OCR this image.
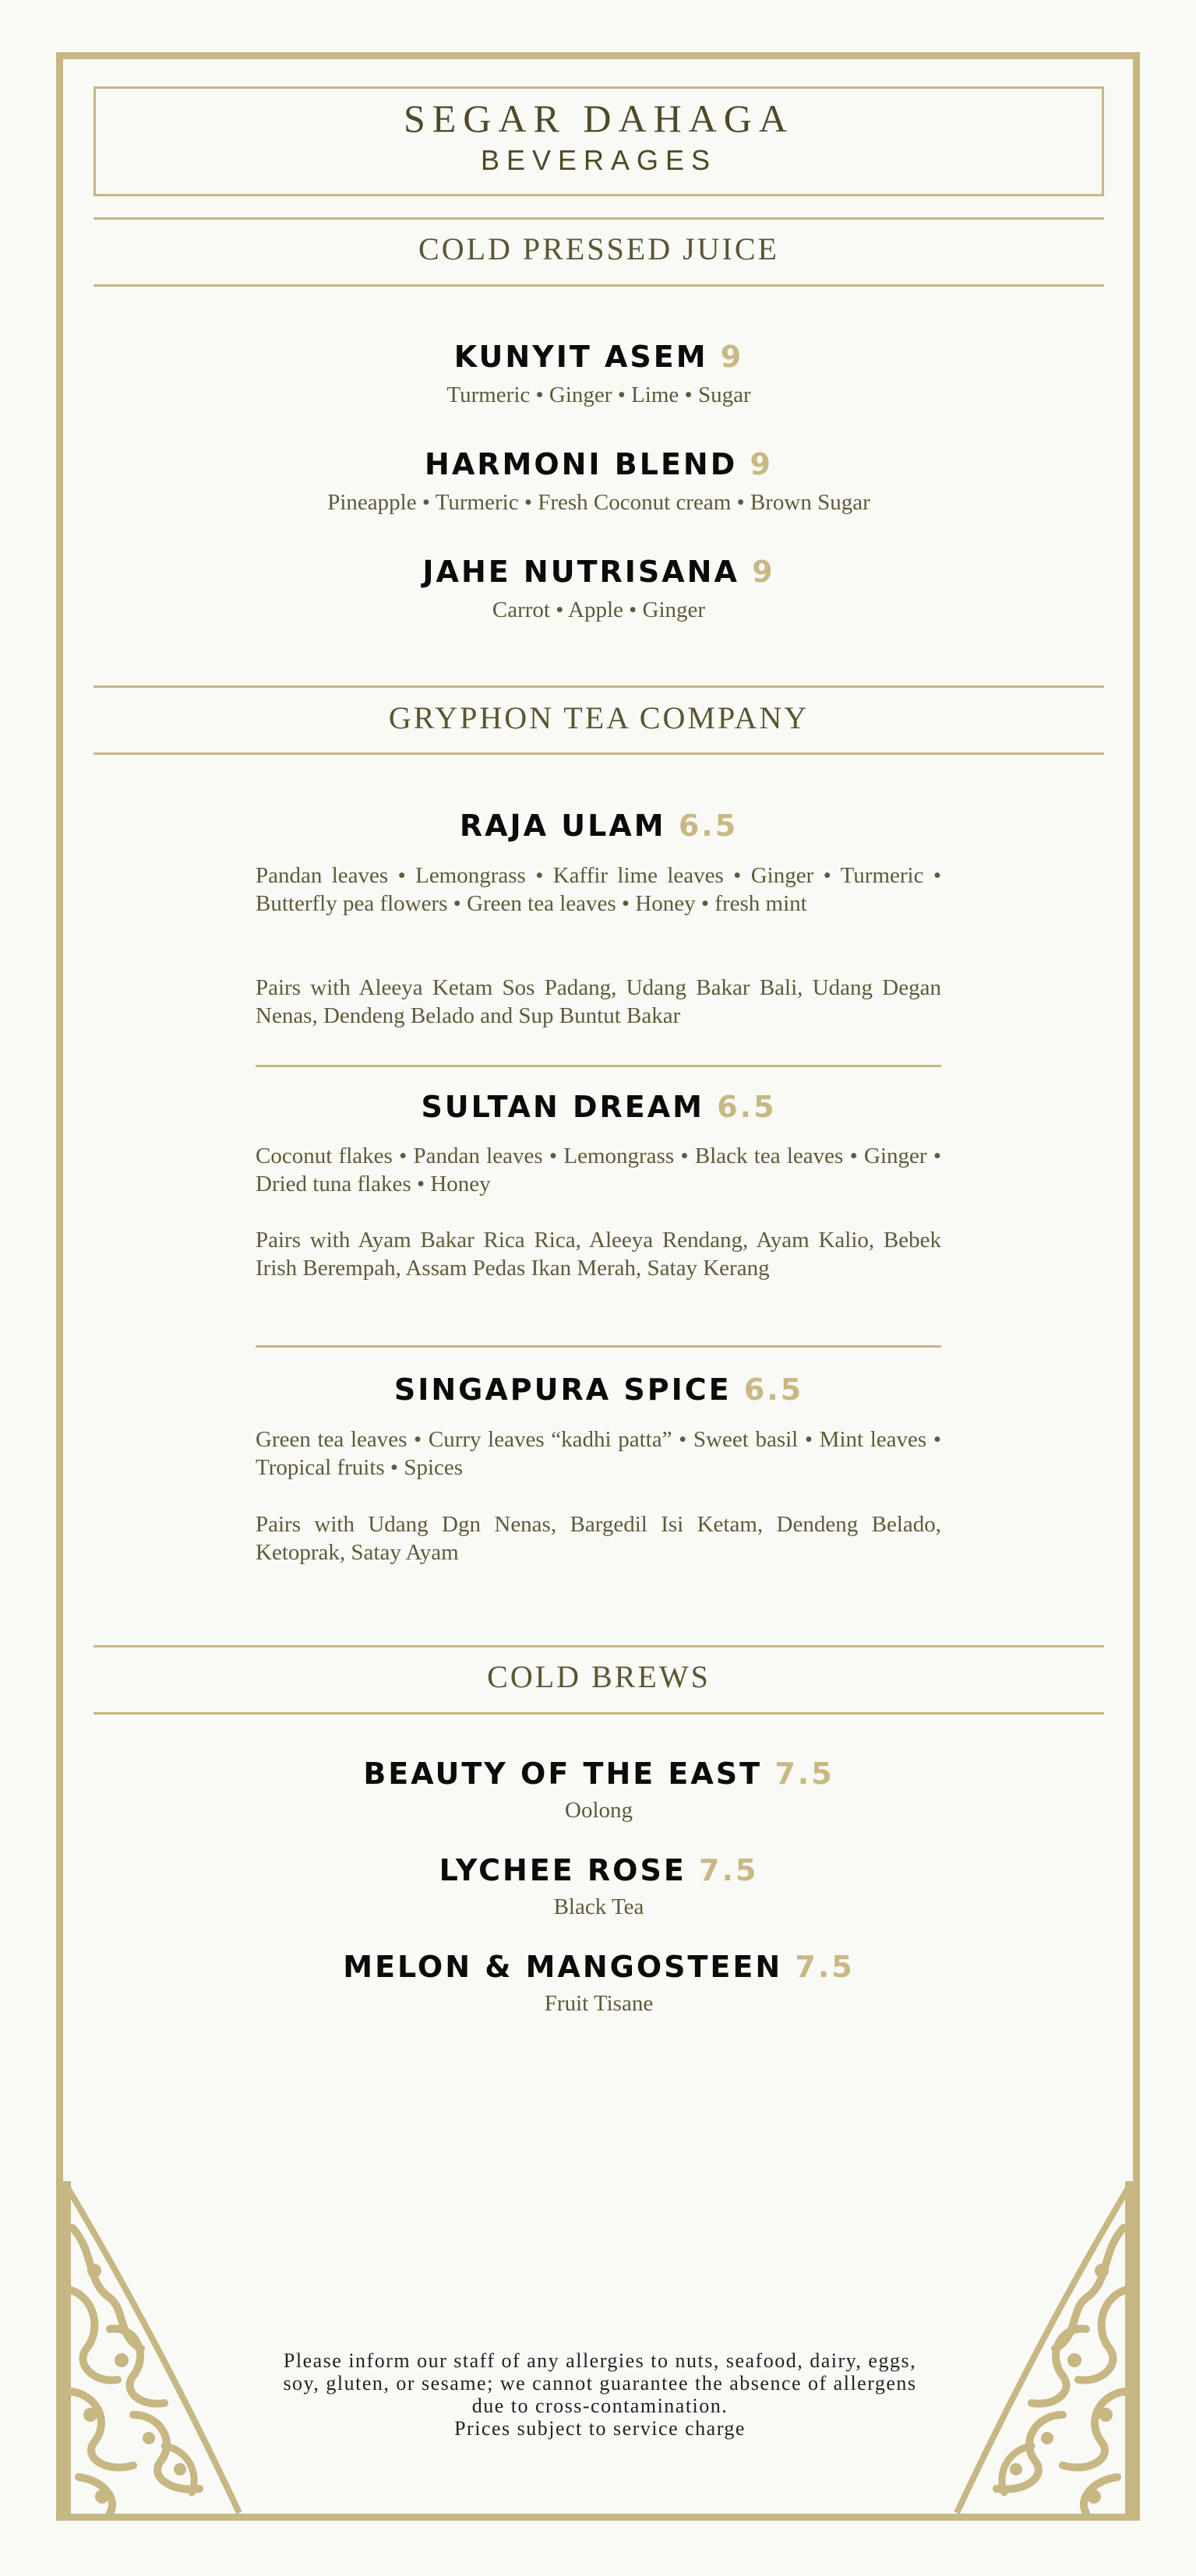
SEGAR DAHAGA
BEVERAGES
COLD PRESSED JUICE
KUNYIT ASEM 9
Turmeric • Ginger • Lime • Sugar
HARMONI BLEND 9
Pineapple • Turmeric • Fresh Coconut cream • Brown Sugar
JAHE NUTRISANA 9
Carrot • Apple • Ginger
GRYPHON TEA COMPANY
RAJA ULAM 6.5
Pandan leaves • Lemongrass • Kaffir lime leaves • Ginger • Turmeric • Butterfly pea flowers • Green tea leaves • Honey • fresh mint
Pairs with Aleeya Ketam Sos Padang, Udang Bakar Bali, Udang Degan Nenas, Dendeng Belado and Sup Buntut Bakar
SULTAN DREAM 6.5
Coconut flakes • Pandan leaves • Lemongrass • Black tea leaves • Ginger • Dried tuna flakes • Honey
Pairs with Ayam Bakar Rica Rica, Aleeya Rendang, Ayam Kalio, Bebek Irish Berempah, Assam Pedas Ikan Merah, Satay Kerang
SINGAPURA SPICE 6.5
Green tea leaves • Curry leaves “kadhi patta” • Sweet basil • Mint leaves • Tropical fruits • Spices
Pairs with Udang Dgn Nenas, Bargedil Isi Ketam, Dendeng Belado, Ketoprak, Satay Ayam
COLD BREWS
BEAUTY OF THE EAST 7.5
Oolong
LYCHEE ROSE 7.5
Black Tea
MELON & MANGOSTEEN 7.5
Fruit Tisane
Please inform our staff of any allergies to nuts, seafood, dairy, eggs, soy, gluten, or sesame; we cannot guarantee the absence of allergens due to cross-contamination.
Prices subject to service charge
